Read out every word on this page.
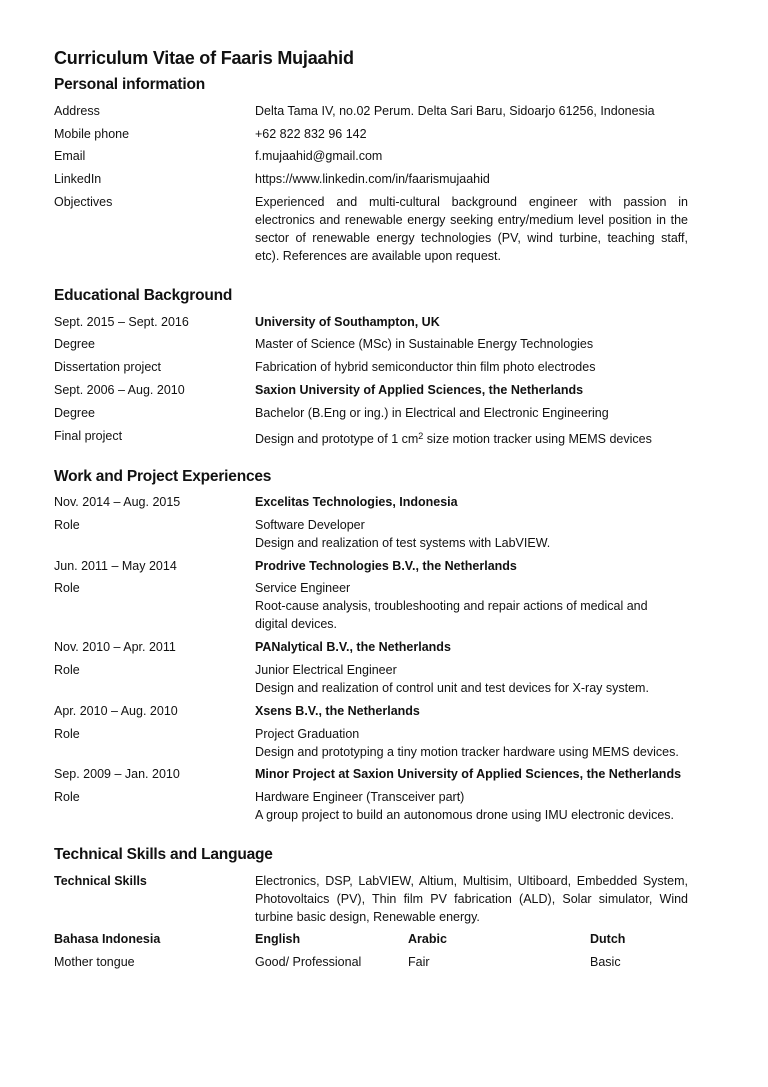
Curriculum Vitae of Faaris Mujaahid
Personal information
Address	Delta Tama IV, no.02 Perum. Delta Sari Baru, Sidoarjo 61256, Indonesia
Mobile phone	+62 822 832 96 142
Email	f.mujaahid@gmail.com
LinkedIn	https://www.linkedin.com/in/faarismujaahid
Objectives	Experienced and multi-cultural background engineer with passion in electronics and renewable energy seeking entry/medium level position in the sector of renewable energy technologies (PV, wind turbine, teaching staff, etc). References are available upon request.
Educational Background
Sept. 2015 – Sept. 2016	University of Southampton, UK
Degree	Master of Science (MSc) in Sustainable Energy Technologies
Dissertation project	Fabrication of hybrid semiconductor thin film photo electrodes
Sept. 2006 – Aug. 2010	Saxion University of Applied Sciences, the Netherlands
Degree	Bachelor (B.Eng or ing.) in Electrical and Electronic Engineering
Final project	Design and prototype of 1 $cm^2$ size motion tracker using MEMS devices
Work and Project Experiences
Nov. 2014 – Aug. 2015	Excelitas Technologies, Indonesia
Role	Software Developer
Design and realization of test systems with LabVIEW.
Jun. 2011 – May 2014	Prodrive Technologies B.V., the Netherlands
Role	Service Engineer
Root-cause analysis, troubleshooting and repair actions of medical and
digital devices.
Nov. 2010 – Apr. 2011	PANalytical B.V., the Netherlands
Role	Junior Electrical Engineer
Design and realization of control unit and test devices for X-ray system.
Apr. 2010 – Aug. 2010	Xsens B.V., the Netherlands
Role	Project Graduation
Design and prototyping a tiny motion tracker hardware using MEMS devices.
Sep. 2009 – Jan. 2010	Minor Project at Saxion University of Applied Sciences, the Netherlands
Role	Hardware Engineer (Transceiver part)
A group project to build an autonomous drone using IMU electronic devices.
Technical Skills and Language
Technical Skills	Electronics, DSP, LabVIEW, Altium, Multisim, Ultiboard, Embedded System, Photovoltaics (PV), Thin film PV fabrication (ALD), Solar simulator, Wind turbine basic design, Renewable energy.
Bahasa Indonesia	English	Arabic	Dutch
Mother tongue	Good/ Professional	Fair	Basic
